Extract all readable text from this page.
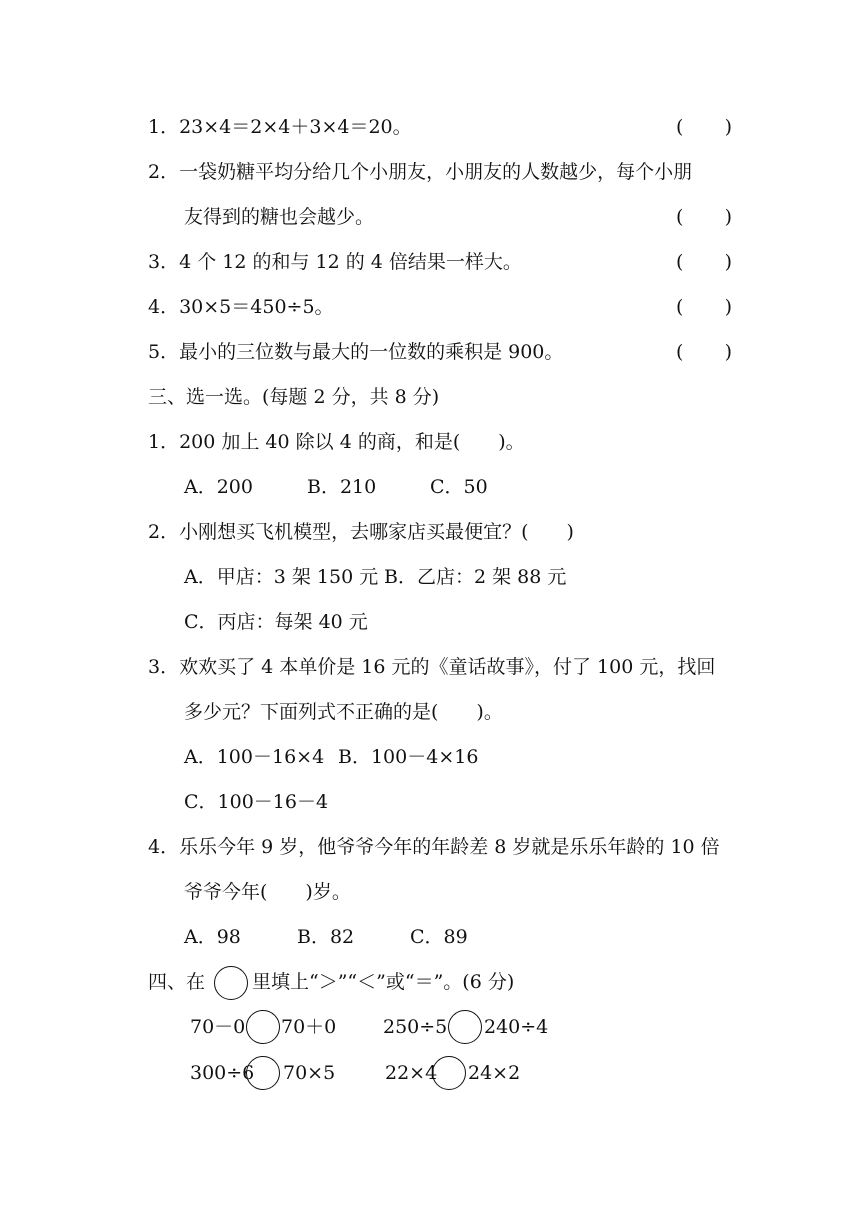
1．23×4＝2×4＋3×4＝20。	( )
2．一袋奶糖平均分给几个小朋友，小朋友的人数越少，每个小朋
友得到的糖也会越少。	( )
3．4 个 12 的和与 12 的 4 倍结果一样大。	( )
4．30×5＝450÷5。	( )
5．最小的三位数与最大的一位数的乘积是 900。	( )
三、选一选。(每题 2 分，共 8 分)
1．200 加上 40 除以 4 的商，和是(　　)。
A．200	B．210	C．50
2．小刚想买飞机模型，去哪家店买最便宜？(　　)
A．甲店：3 架 150 元 B．乙店：2 架 88 元
C．丙店：每架 40 元
3．欢欢买了 4 本单价是 16 元的《童话故事》，付了 100 元，找回
多少元？下面列式不正确的是(　　)。
A．100－16×4 B．100－4×16
C．100－16－4
4．乐乐今年 9 岁，他爷爷今年的年龄差 8 岁就是乐乐年龄的 10 倍
爷爷今年(　　)岁。
A．98	B．82	C．89
四、在 里填上“＞”“＜”或“＝”。(6 分)
70－0 70＋0 250÷5 240÷4
300÷6 70×5	22×4 24×2
